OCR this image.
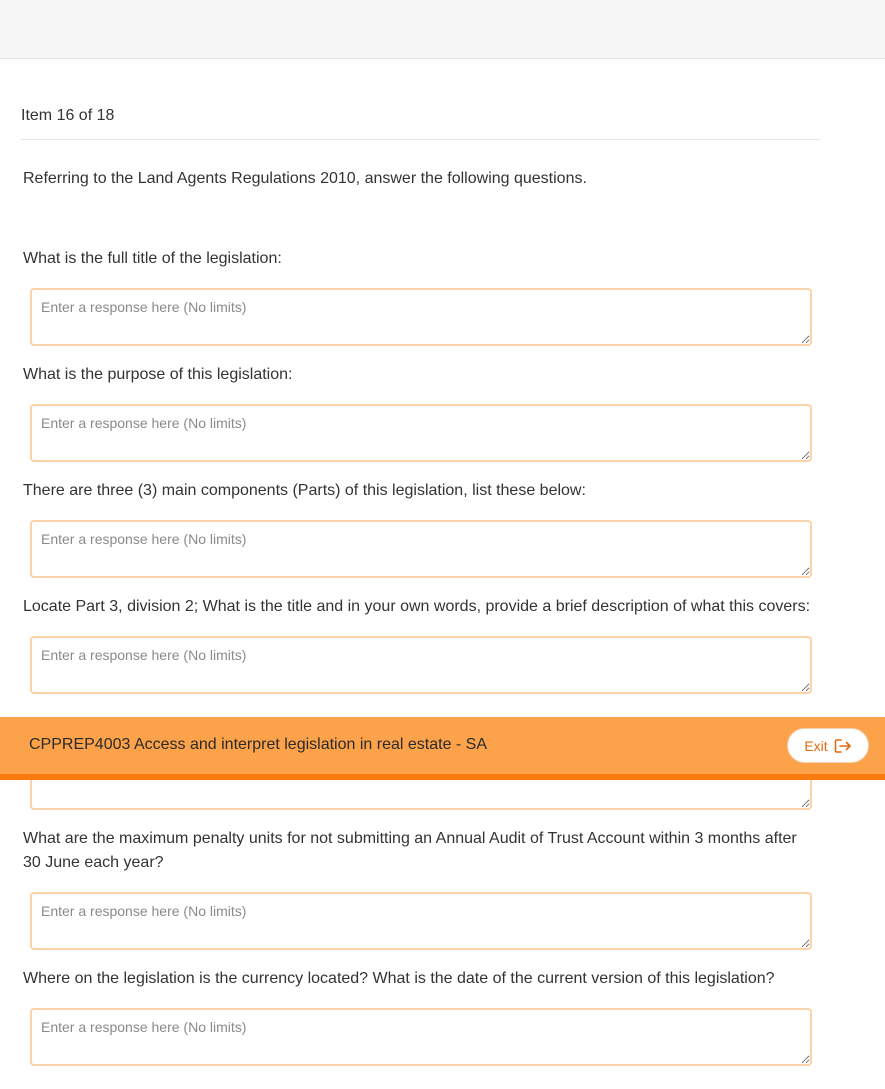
Item 16 of 18
Referring to the Land Agents Regulations 2010, answer the following questions.
What is the full title of the legislation:
Enter a response here (No limits)
What is the purpose of this legislation:
Enter a response here (No limits)
There are three (3) main components (Parts) of this legislation, list these below:
Enter a response here (No limits)
Locate Part 3, division 2; What is the title and in your own words, provide a brief description of what this covers:
Enter a response here (No limits)
What are the maximum penalty units for not submitting an Annual Audit of Trust Account within 3 months after 30 June each year?
Enter a response here (No limits)
Where on the legislation is the currency located? What is the date of the current version of this legislation?
Enter a response here (No limits)
CPPREP4003 Access and interpret legislation in real estate - SA	Exit
